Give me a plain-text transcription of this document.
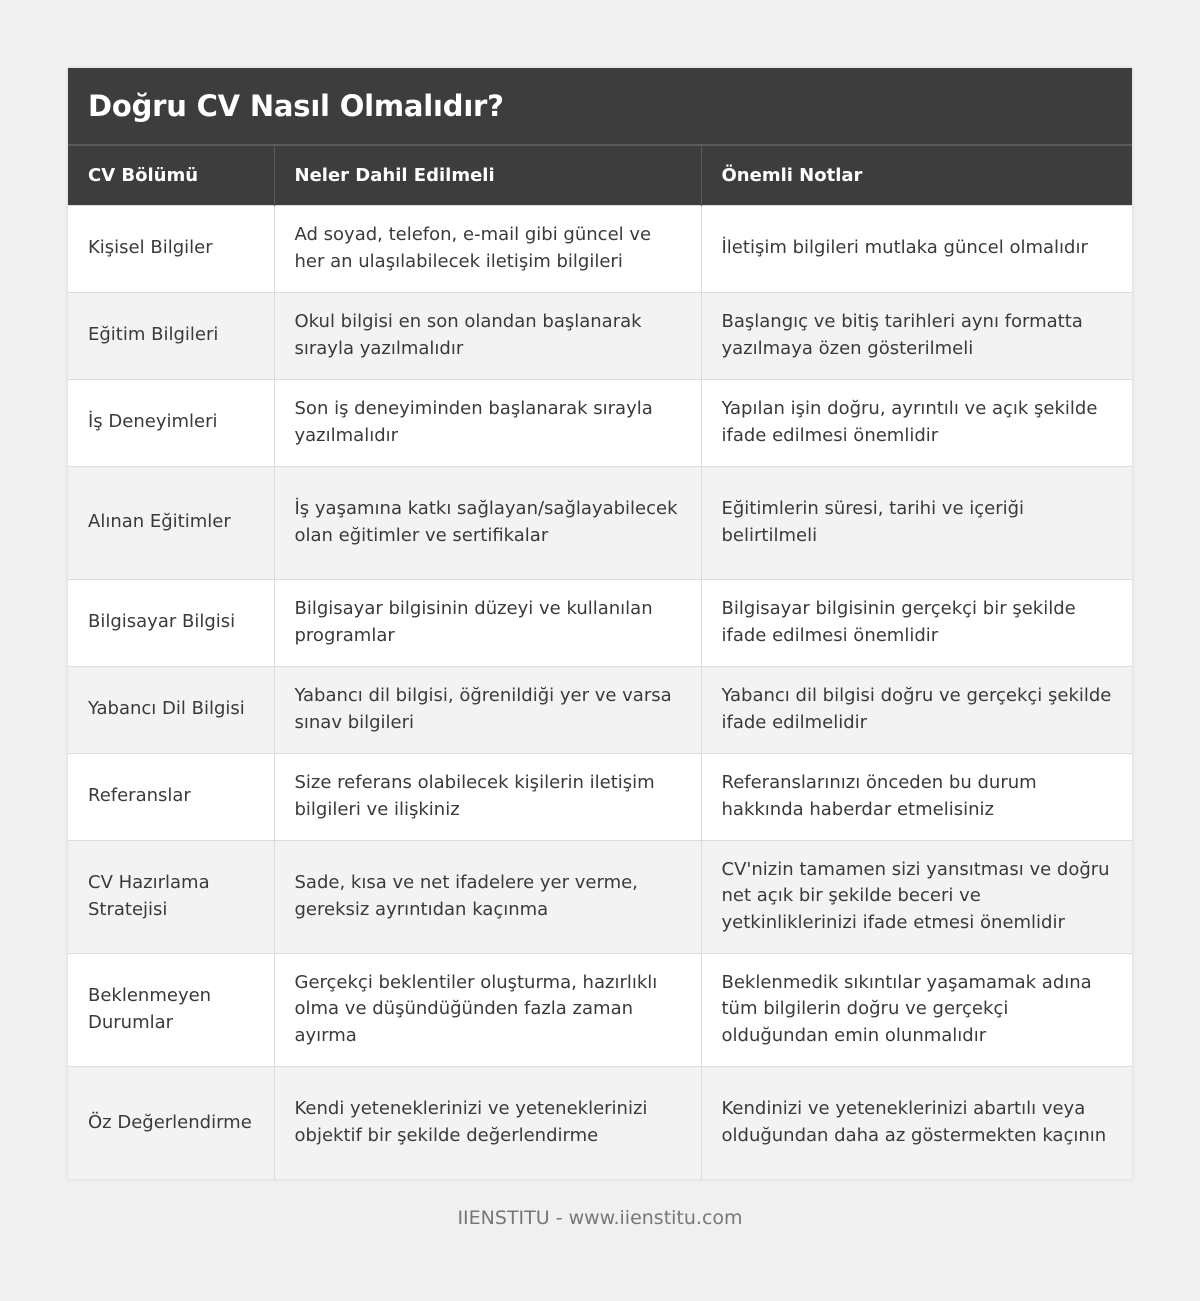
Doğru CV Nasıl Olmalıdır?
CV Bölümü	Neler Dahil Edilmeli	Önemli Notlar
Kişisel Bilgiler	Ad soyad, telefon, e-mail gibi güncel ve her an ulaşılabilecek iletişim bilgileri	İletişim bilgileri mutlaka güncel olmalıdır
Eğitim Bilgileri	Okul bilgisi en son olandan başlanarak sırayla yazılmalıdır	Başlangıç ve bitiş tarihleri aynı formatta yazılmaya özen gösterilmeli
İş Deneyimleri	Son iş deneyiminden başlanarak sırayla yazılmalıdır	Yapılan işin doğru, ayrıntılı ve açık şekilde ifade edilmesi önemlidir
Alınan Eğitimler	İş yaşamına katkı sağlayan/sağlayabilecek olan eğitimler ve sertifikalar	Eğitimlerin süresi, tarihi ve içeriği belirtilmeli
Bilgisayar Bilgisi	Bilgisayar bilgisinin düzeyi ve kullanılan programlar	Bilgisayar bilgisinin gerçekçi bir şekilde ifade edilmesi önemlidir
Yabancı Dil Bilgisi	Yabancı dil bilgisi, öğrenildiği yer ve varsa sınav bilgileri	Yabancı dil bilgisi doğru ve gerçekçi şekilde ifade edilmelidir
Referanslar	Size referans olabilecek kişilerin iletişim bilgileri ve ilişkiniz	Referanslarınızı önceden bu durum hakkında haberdar etmelisiniz
CV Hazırlama Stratejisi	Sade, kısa ve net ifadelere yer verme, gereksiz ayrıntıdan kaçınma	CV'nizin tamamen sizi yansıtması ve doğru net açık bir şekilde beceri ve yetkinliklerinizi ifade etmesi önemlidir
Beklenmeyen Durumlar	Gerçekçi beklentiler oluşturma, hazırlıklı olma ve düşündüğünden fazla zaman ayırma	Beklenmedik sıkıntılar yaşamamak adına tüm bilgilerin doğru ve gerçekçi olduğundan emin olunmalıdır
Öz Değerlendirme	Kendi yeteneklerinizi ve yeteneklerinizi objektif bir şekilde değerlendirme	Kendinizi ve yeteneklerinizi abartılı veya olduğundan daha az göstermekten kaçının
IIENSTITU - www.iienstitu.com
